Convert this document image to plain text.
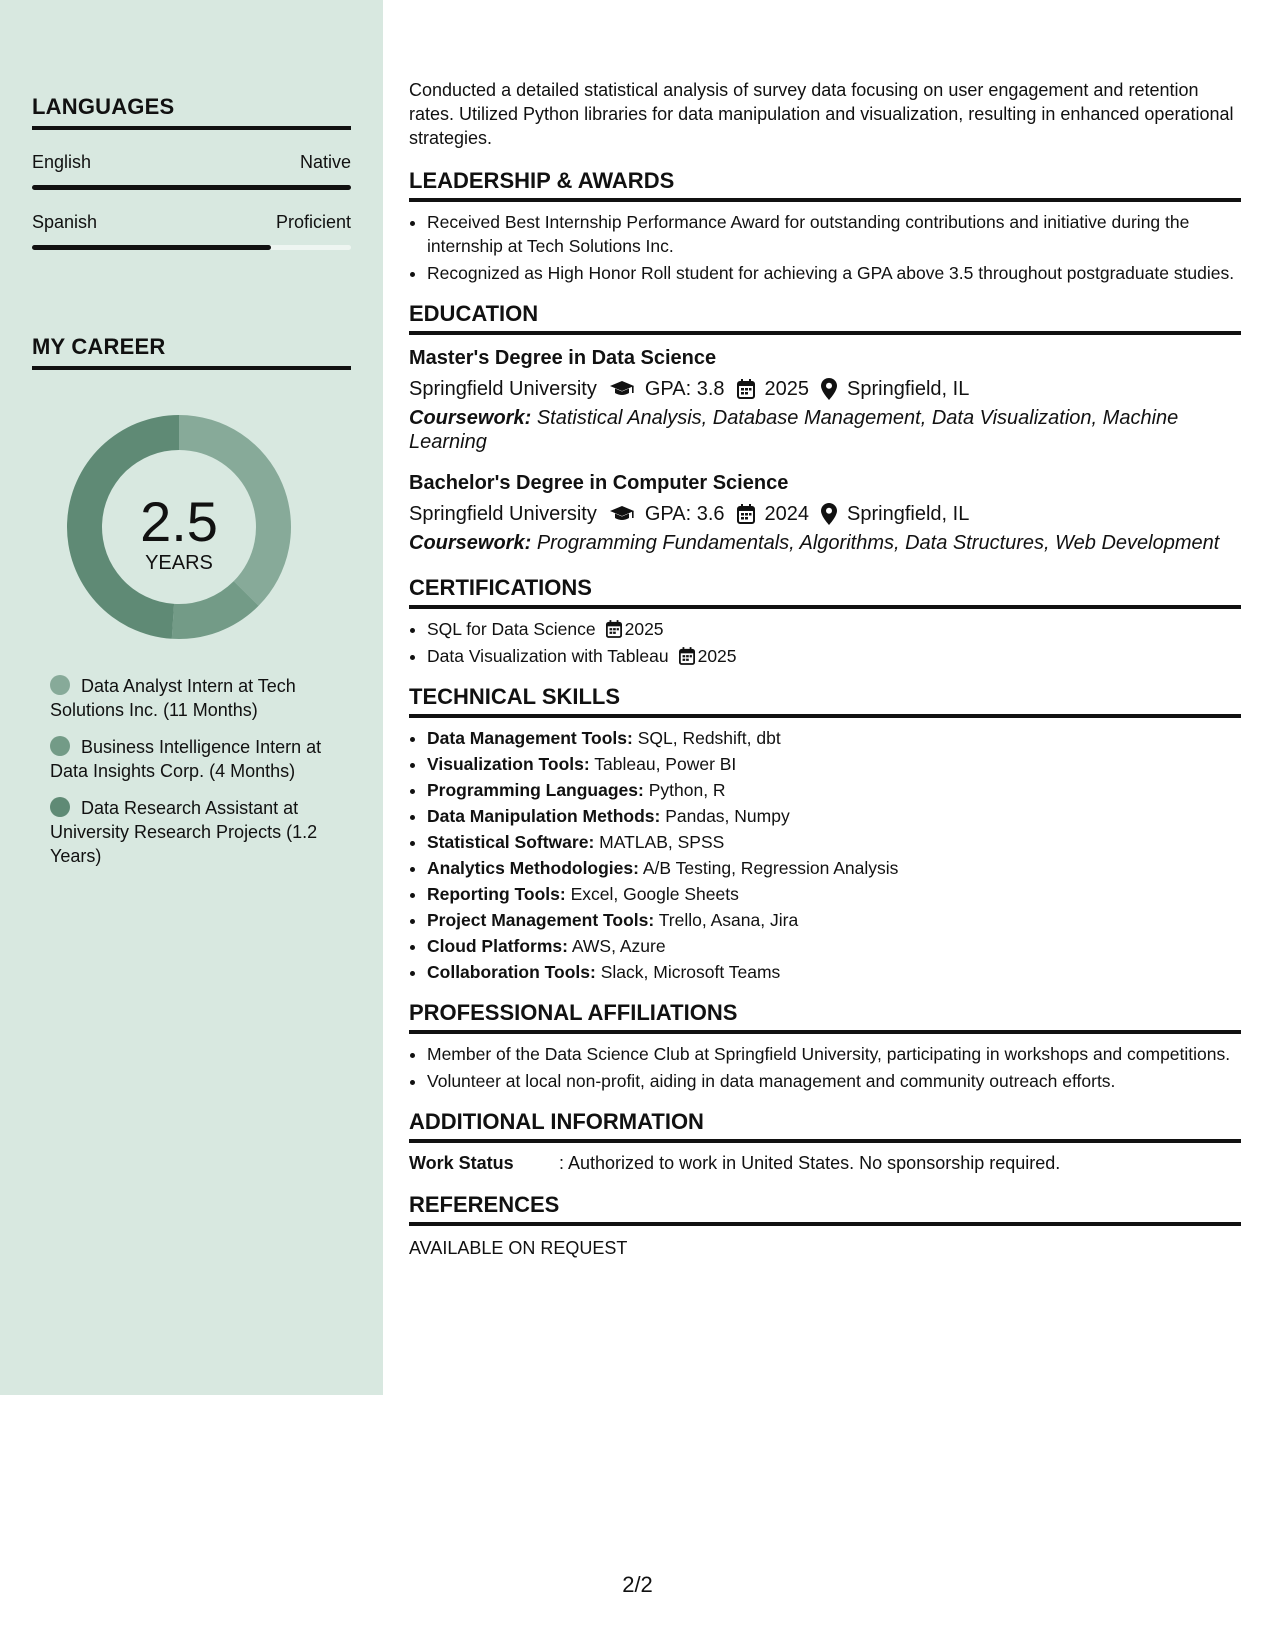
LANGUAGES
English	Native
Spanish	Proficient
MY CAREER
2.5
YEARS
Data Analyst Intern at Tech Solutions Inc. (11 Months)
Business Intelligence Intern at Data Insights Corp. (4 Months)
Data Research Assistant at University Research Projects (1.2 Years)

Conducted a detailed statistical analysis of survey data focusing on user engagement and retention rates. Utilized Python libraries for data manipulation and visualization, resulting in enhanced operational strategies.

LEADERSHIP & AWARDS
• Received Best Internship Performance Award for outstanding contributions and initiative during the internship at Tech Solutions Inc.
• Recognized as High Honor Roll student for achieving a GPA above 3.5 throughout postgraduate studies.
EDUCATION
Master's Degree in Data Science
Springfield University GPA: 3.8 2025 Springfield, IL
Coursework: Statistical Analysis, Database Management, Data Visualization, Machine Learning
Bachelor's Degree in Computer Science
Springfield University GPA: 3.6 2024 Springfield, IL
Coursework: Programming Fundamentals, Algorithms, Data Structures, Web Development
CERTIFICATIONS
• SQL for Data Science 2025
• Data Visualization with Tableau 2025
TECHNICAL SKILLS
• Data Management Tools: SQL, Redshift, dbt
• Visualization Tools: Tableau, Power BI
• Programming Languages: Python, R
• Data Manipulation Methods: Pandas, Numpy
• Statistical Software: MATLAB, SPSS
• Analytics Methodologies: A/B Testing, Regression Analysis
• Reporting Tools: Excel, Google Sheets
• Project Management Tools: Trello, Asana, Jira
• Cloud Platforms: AWS, Azure
• Collaboration Tools: Slack, Microsoft Teams
PROFESSIONAL AFFILIATIONS
• Member of the Data Science Club at Springfield University, participating in workshops and competitions.
• Volunteer at local non-profit, aiding in data management and community outreach efforts.
ADDITIONAL INFORMATION
Work Status	: Authorized to work in United States. No sponsorship required.
REFERENCES
AVAILABLE ON REQUEST
2/2
